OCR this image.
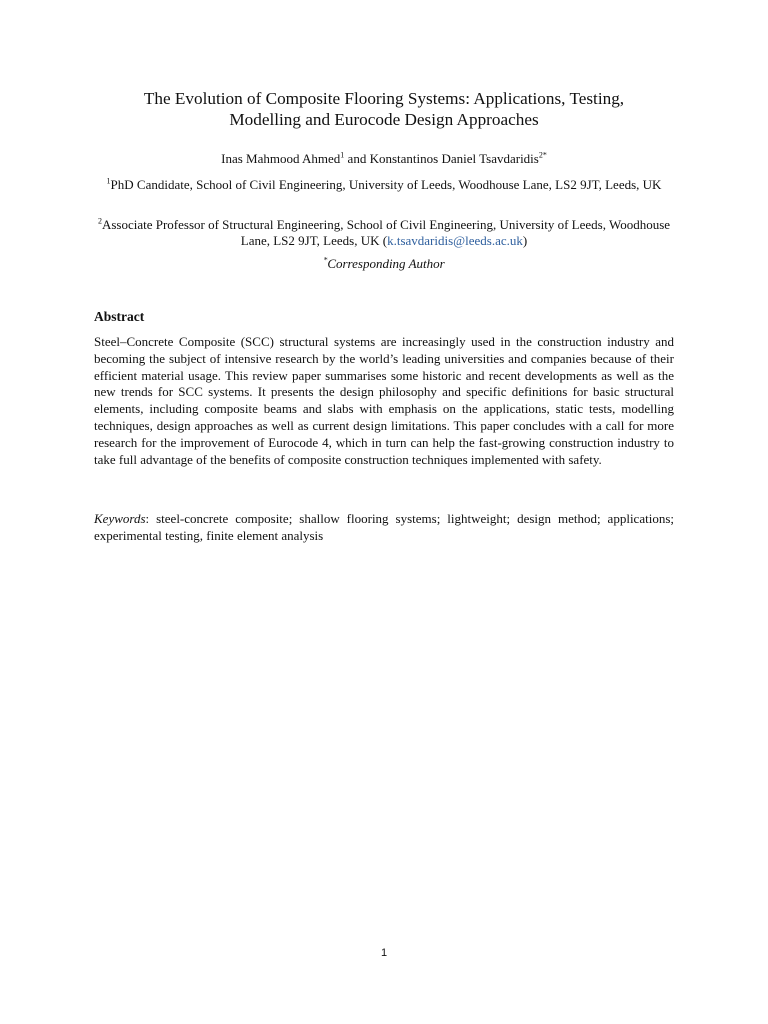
The Evolution of Composite Flooring Systems: Applications, Testing,
Modelling and Eurocode Design Approaches
Inas Mahmood Ahmed$^1$ and Konstantinos Daniel Tsavdaridis$^{2*}$
$^1$PhD Candidate, School of Civil Engineering, University of Leeds, Woodhouse Lane, LS2 9JT, Leeds, UK
$^2$Associate Professor of Structural Engineering, School of Civil Engineering, University of Leeds, Woodhouse Lane, LS2 9JT, Leeds, UK (k.tsavdaridis@leeds.ac.uk)
*Corresponding Author
Abstract

Steel–Concrete Composite (SCC) structural systems are increasingly used in the construction industry and becoming the subject of intensive research by the world’s leading universities and companies because of their efficient material usage. This review paper summarises some historic and recent developments as well as the new trends for SCC systems. It presents the design philosophy and specific definitions for basic structural elements, including composite beams and slabs with emphasis on the applications, static tests, modelling techniques, design approaches as well as current design limitations. This paper concludes with a call for more research for the improvement of Eurocode 4, which in turn can help the fast-growing construction industry to take full advantage of the benefits of composite construction techniques implemented with safety.

Keywords: steel-concrete composite; shallow flooring systems; lightweight; design method; applications; experimental testing, finite element analysis

1
